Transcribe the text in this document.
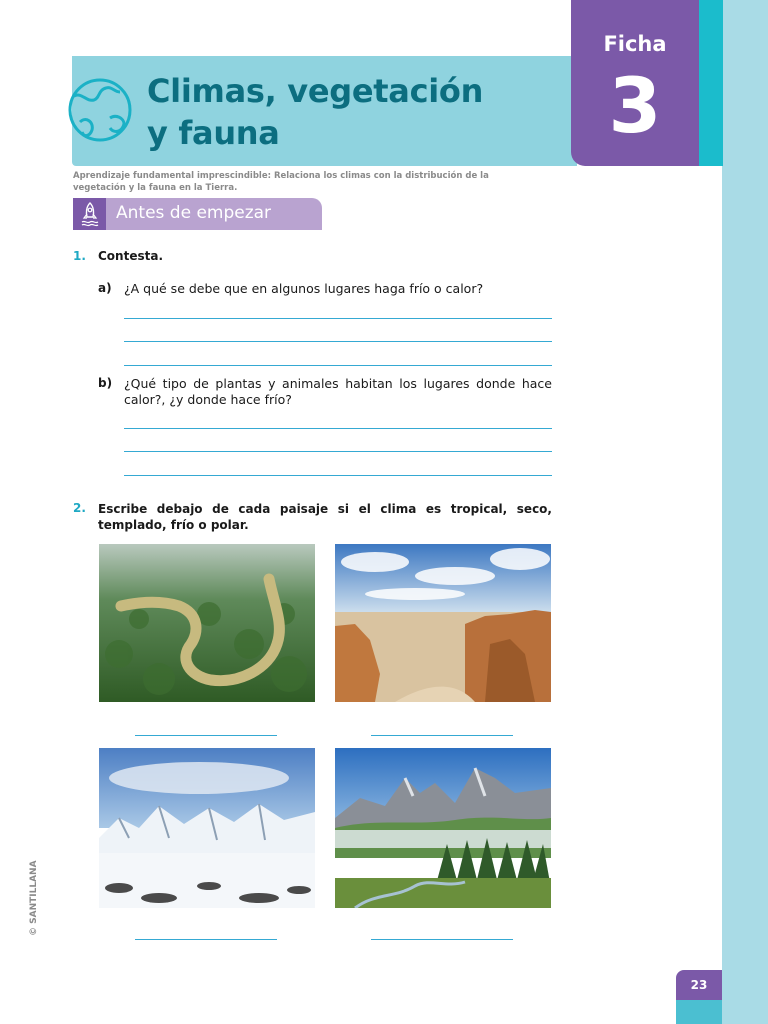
Climas, vegetación
y fauna
Ficha
3
Aprendizaje fundamental imprescindible: Relaciona los climas con la distribución de la vegetación y la fauna en la Tierra.
Antes de empezar
1. Contesta.
a) ¿A qué se debe que en algunos lugares haga frío o calor?
b) ¿Qué tipo de plantas y animales habitan los lugares donde hace calor?, ¿y donde hace frío?
2. Escribe debajo de cada paisaje si el clima es tropical, seco, templado, frío o polar.
© SANTILLANA
23
